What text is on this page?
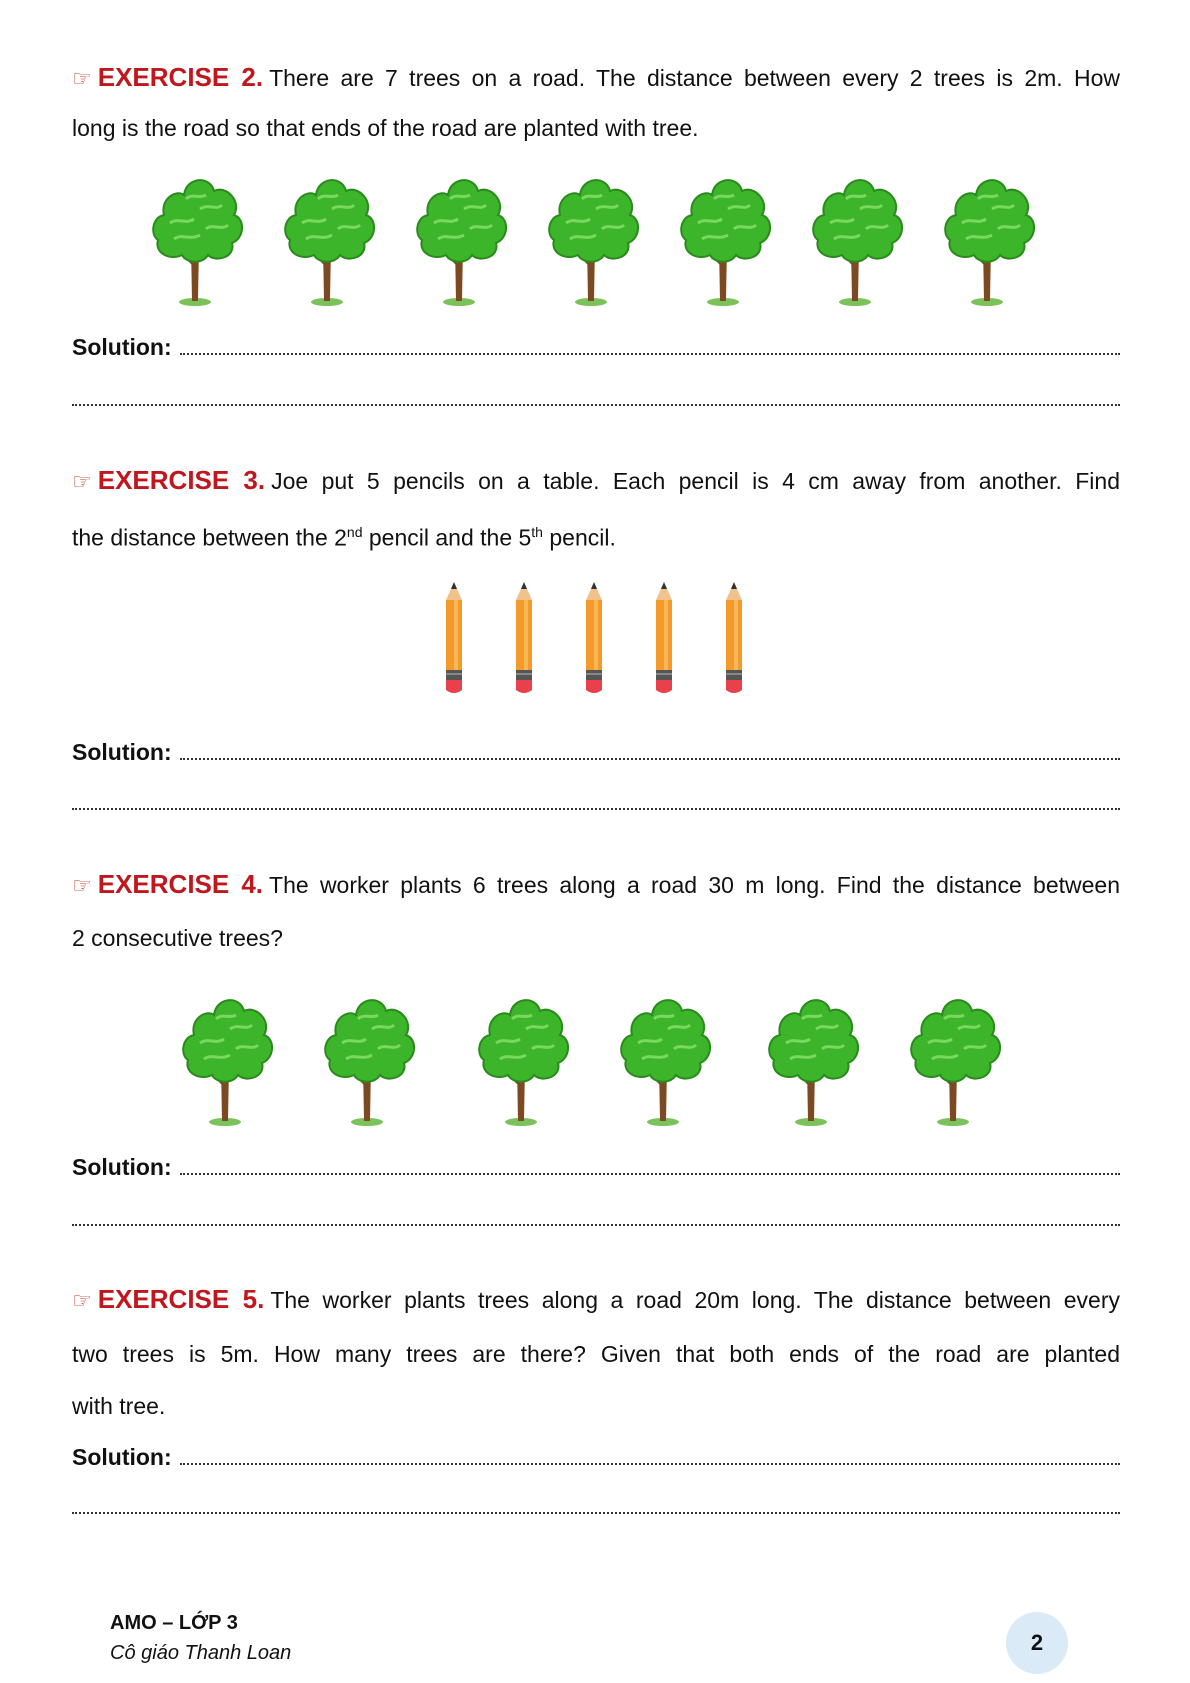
☞ EXERCISE 2. There are 7 trees on a road. The distance between every 2 trees is 2m. How
long is the road so that ends of the road are planted with tree.
Solution:
☞ EXERCISE 3. Joe put 5 pencils on a table. Each pencil is 4 cm away from another. Find
the distance between the 2nd pencil and the 5th pencil.
Solution:
☞ EXERCISE 4. The worker plants 6 trees along a road 30 m long. Find the distance between
2 consecutive trees?
Solution:
☞ EXERCISE 5. The worker plants trees along a road 20m long. The distance between every
two trees is 5m. How many trees are there? Given that both ends of the road are planted
with tree.
Solution:
AMO – LỚP 3
Cô giáo Thanh Loan	2
